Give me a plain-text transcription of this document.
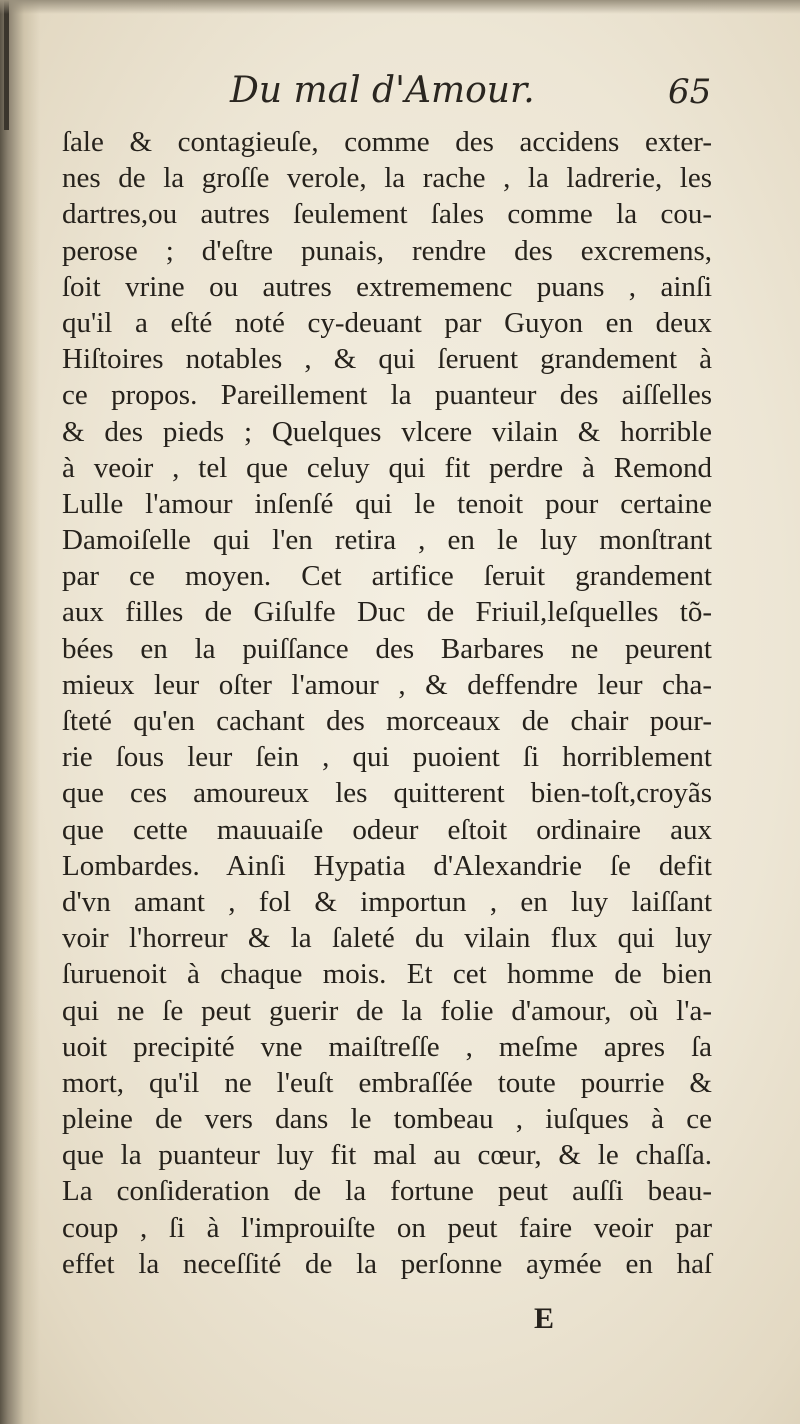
Du mal d'Amour.	65
ſale & contagieuſe, comme des accidens exter-
nes de la groſſe verole, la rache , la ladrerie, les
dartres,ou autres ſeulement ſales comme la cou-
perose ; d'eſtre punais, rendre des excremens,
ſoit vrine ou autres extrememenc puans , ainſi
qu'il a eſté noté cy-deuant par Guyon en deux
Hiſtoires notables , & qui ſeruent grandement à
ce propos. Pareillement la puanteur des aiſſelles
& des pieds ; Quelques vlcere vilain & horrible
à veoir , tel que celuy qui fit perdre à Remond
Lulle l'amour inſenſé qui le tenoit pour certaine
Damoiſelle qui l'en retira , en le luy monſtrant
par ce moyen. Cet artifice ſeruit grandement
aux filles de Giſulfe Duc de Friuil,leſquelles tõ-
bées en la puiſſance des Barbares ne peurent
mieux leur oſter l'amour , & deffendre leur cha-
ſteté qu'en cachant des morceaux de chair pour-
rie ſous leur ſein , qui puoient ſi horriblement
que ces amoureux les quitterent bien-toſt,croyãs
que cette mauuaiſe odeur eſtoit ordinaire aux
Lombardes. Ainſi Hypatia d'Alexandrie ſe defit
d'vn amant , fol & importun , en luy laiſſant
voir l'horreur & la ſaleté du vilain flux qui luy
ſuruenoit à chaque mois. Et cet homme de bien
qui ne ſe peut guerir de la folie d'amour, où l'a-
uoit precipité vne maiſtreſſe , meſme apres ſa
mort, qu'il ne l'euſt embraſſée toute pourrie &
pleine de vers dans le tombeau , iuſques à ce
que la puanteur luy fit mal au cœur, & le chaſſa.
La conſideration de la fortune peut auſſi beau-
coup , ſi à l'improuiſte on peut faire veoir par
effet la neceſſité de la perſonne aymée en haſ
E
